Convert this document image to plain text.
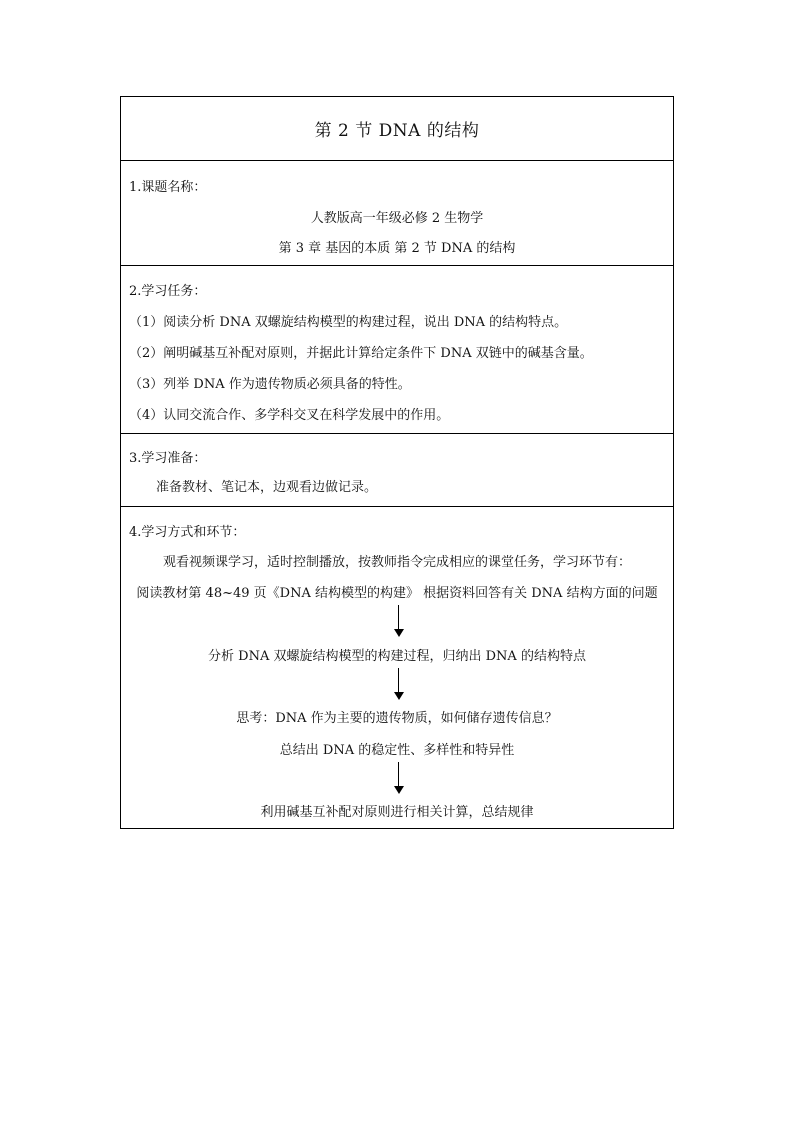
第 2 节 DNA 的结构
1.课题名称：
人教版高一年级必修 2 生物学
第 3 章 基因的本质 第 2 节 DNA 的结构
2.学习任务：
（1）阅读分析 DNA 双螺旋结构模型的构建过程，说出 DNA 的结构特点。
（2）阐明碱基互补配对原则，并据此计算给定条件下 DNA 双链中的碱基含量。
（3）列举 DNA 作为遗传物质必须具备的特性。
（4）认同交流合作、多学科交叉在科学发展中的作用。
3.学习准备：
准备教材、笔记本，边观看边做记录。
4.学习方式和环节：
观看视频课学习，适时控制播放，按教师指令完成相应的课堂任务，学习环节有：
阅读教材第 48~49 页《DNA 结构模型的构建》 根据资料回答有关 DNA 结构方面的问题
分析 DNA 双螺旋结构模型的构建过程，归纳出 DNA 的结构特点
思考：DNA 作为主要的遗传物质，如何储存遗传信息？
总结出 DNA 的稳定性、多样性和特异性
利用碱基互补配对原则进行相关计算，总结规律
